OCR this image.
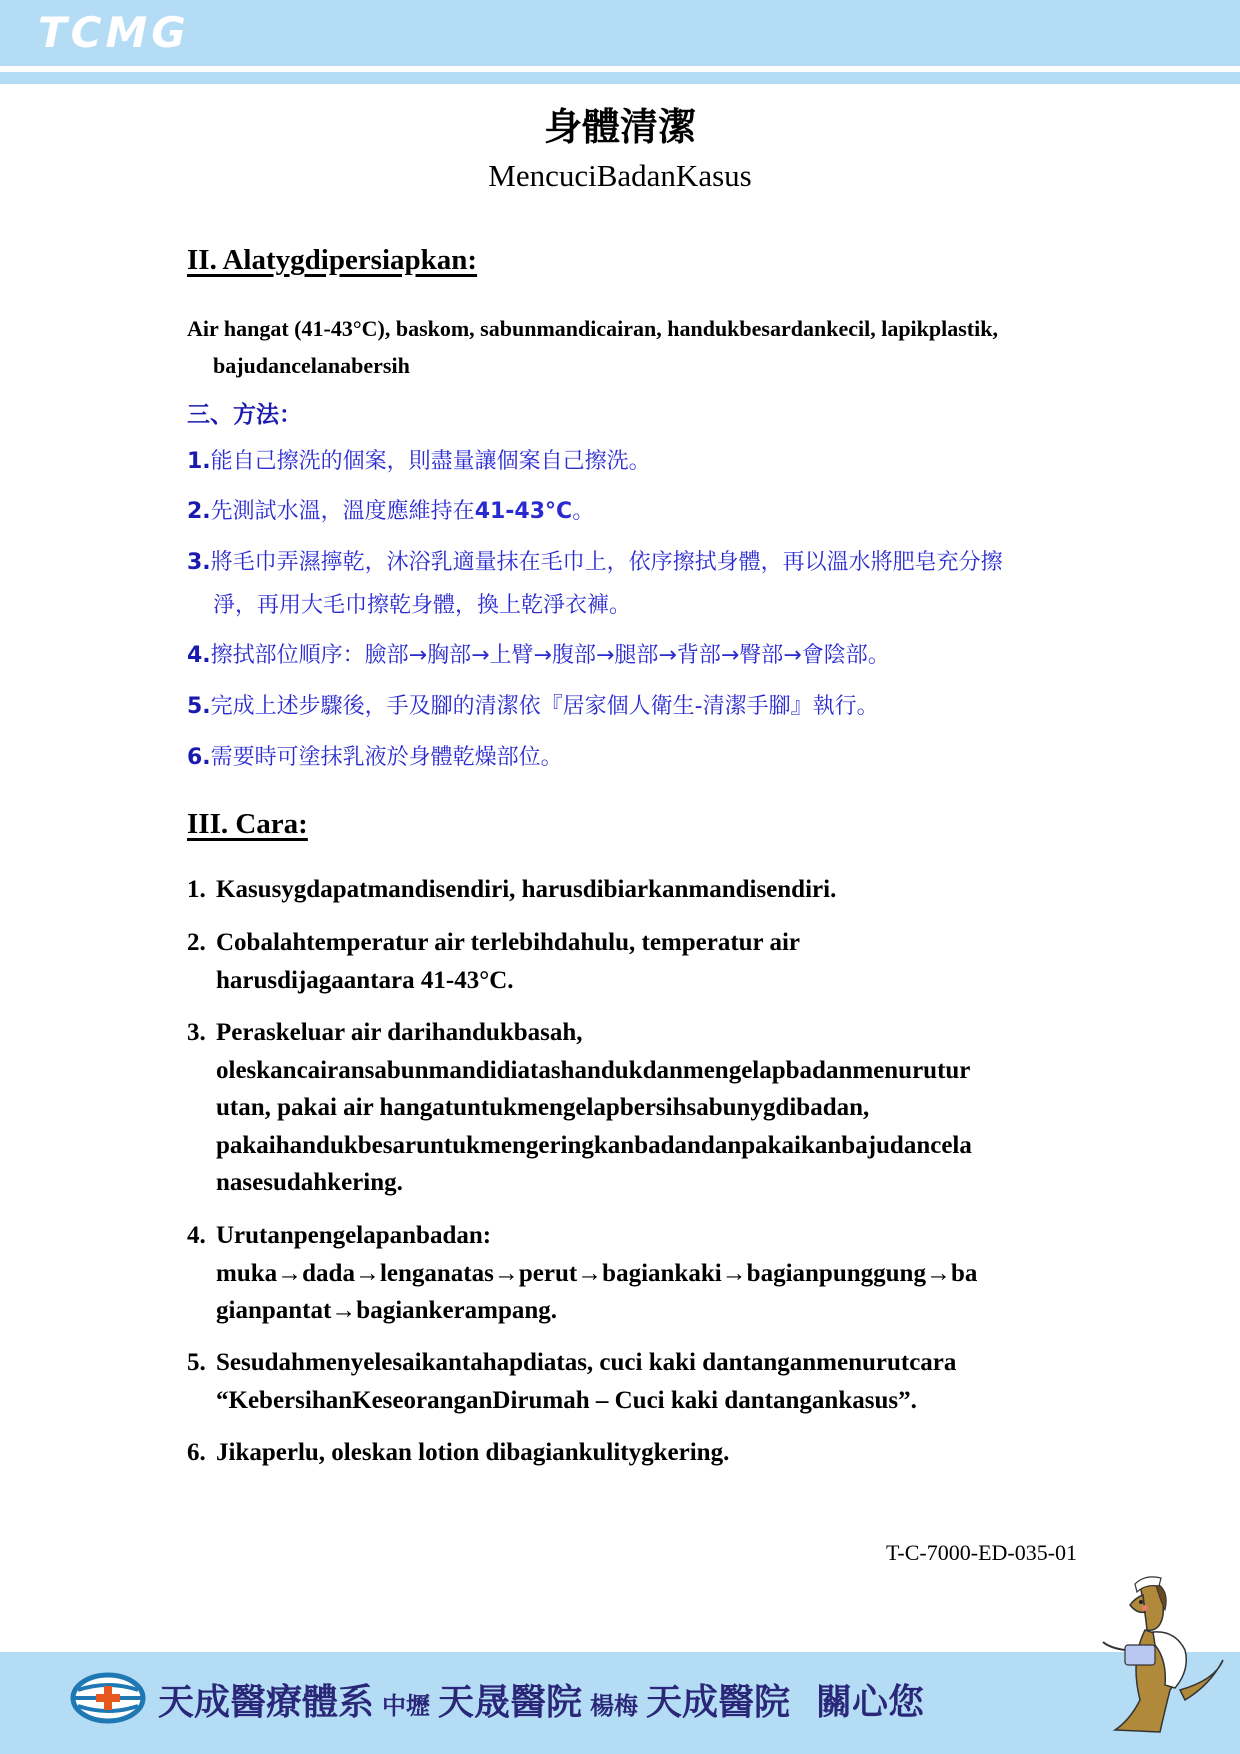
TCMG
身體清潔
MencuciBadanKasus
II. Alatygdipersiapkan:
Air hangat (41-43°C), baskom, sabunmandicairan, handukbesardankecil, lapikplastik,
bajudancelanabersih
三、方法：
1.能自己擦洗的個案，則盡量讓個案自己擦洗。
2.先測試水溫，溫度應維持在41-43°C。
3.將毛巾弄濕擰乾，沐浴乳適量抹在毛巾上，依序擦拭身體，再以溫水將肥皂充分擦
淨，再用大毛巾擦乾身體，換上乾淨衣褲。
4.擦拭部位順序：臉部→胸部→上臂→腹部→腿部→背部→臀部→會陰部。
5.完成上述步驟後，手及腳的清潔依『居家個人衛生-清潔手腳』執行。
6.需要時可塗抹乳液於身體乾燥部位。
III. Cara:
1. Kasusygdapatmandisendiri, harusdibiarkanmandisendiri.
2. Cobalahtemperatur air terlebihdahulu, temperatur air
harusdijagaantara 41-43°C.
3. Peraskeluar air darihandukbasah,
oleskancairansabunmandidiatashandukdanmengelapbadanmenurutur
utan, pakai air hangatuntukmengelapbersihsabunygdibadan,
pakaihandukbesaruntukmengeringkanbadandanpakaikanbajudancela
nasesudahkering.
4. Urutanpengelapanbadan:
muka→dada→lenganatas→perut→bagiankaki→bagianpunggung→ba
gianpantat→bagiankerampang.
5. Sesudahmenyelesaikantahapdiatas, cuci kaki dantanganmenurutcara
“KebersihanKeseoranganDirumah – Cuci kaki dantangankasus”.
6. Jikaperlu, oleskan lotion dibagiankulitygkering.
T-C-7000-ED-035-01
天成醫療體系 中壢 天晟醫院 楊梅 天成醫院 關心您
